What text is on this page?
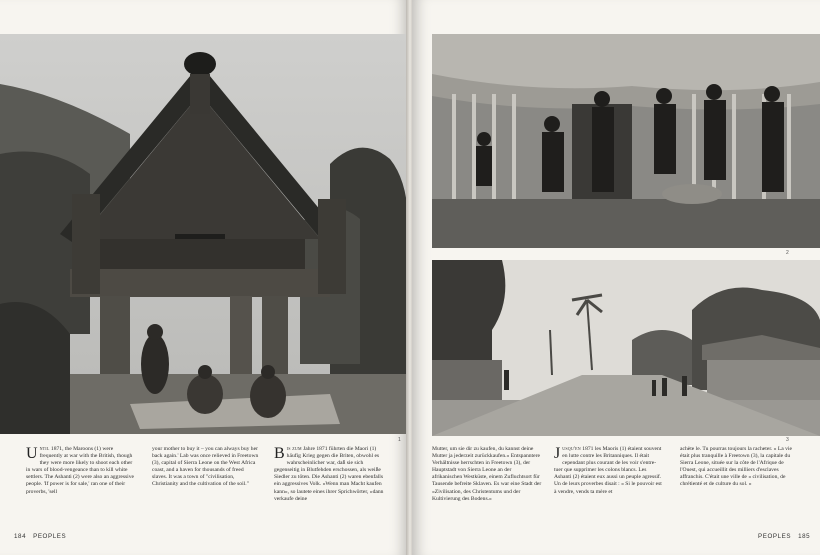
1
Until 1871, the Maroons (1) were frequently at war with the British, though they were more likely to shoot each other in wars of blood-vengeance than to kill white settlers. The Ashanti (2) were also an aggressive people. 'If power is for sale,' ran one of their proverbs, 'sell
your mother to buy it – you can always buy her back again.' Lab was once relieved in Freetown (3), capital of Sierra Leone on the West Africa coast, and a haven for thousands of freed slaves. It was a town of "civilisation, Christianity and the cultivation of the soil."
Bis zum Jahre 1871 führten die Maori (1) häufig Krieg gegen die Briten, obwohl es wahrscheinlicher war, daß sie sich gegenseitig in Blutfehden erschossen, als weiße Siedler zu töten. Die Ashanti (2) waren ebenfalls ein aggressives Volk. «Wenn man Macht kaufen kann», so lautete eines ihrer Sprichwörter, «dann verkaufe deine
184 PEOPLES
2
3
Mutter, um sie dir zu kaufen, du kannst deine Mutter ja jederzeit zurückkaufen.» Entspanntere Verhältnisse herrschten in Freetown (3), der Hauptstadt von Sierra Leone an der afrikanischen Westküste, einem Zufluchtsort für Tausende befreite Sklaven. Es war eine Stadt der «Zivilisation, des Christentums und der Kultivierung des Bodens.»
Jusqu'en 1871 les Maoris (1) étaient souvent en lutte contre les Britanniques. Il était cependant plus courant de les voir s'entre-tuer que supprimer les colons blancs. Les Ashanti (2) étaient eux aussi un peuple agressif. Un de leurs proverbes disait : « Si le pouvoir est à vendre, vends ta mère et
achète le. Tu pourras toujours la racheter. » La vie était plus tranquille à Freetown (3), la capitale du Sierra Leone, située sur la côte de l'Afrique de l'Ouest, qui accueillit des milliers d'esclaves affranchis. C'était une ville de « civilisation, de chrétienté et de culture du sol. »
PEOPLES 185
